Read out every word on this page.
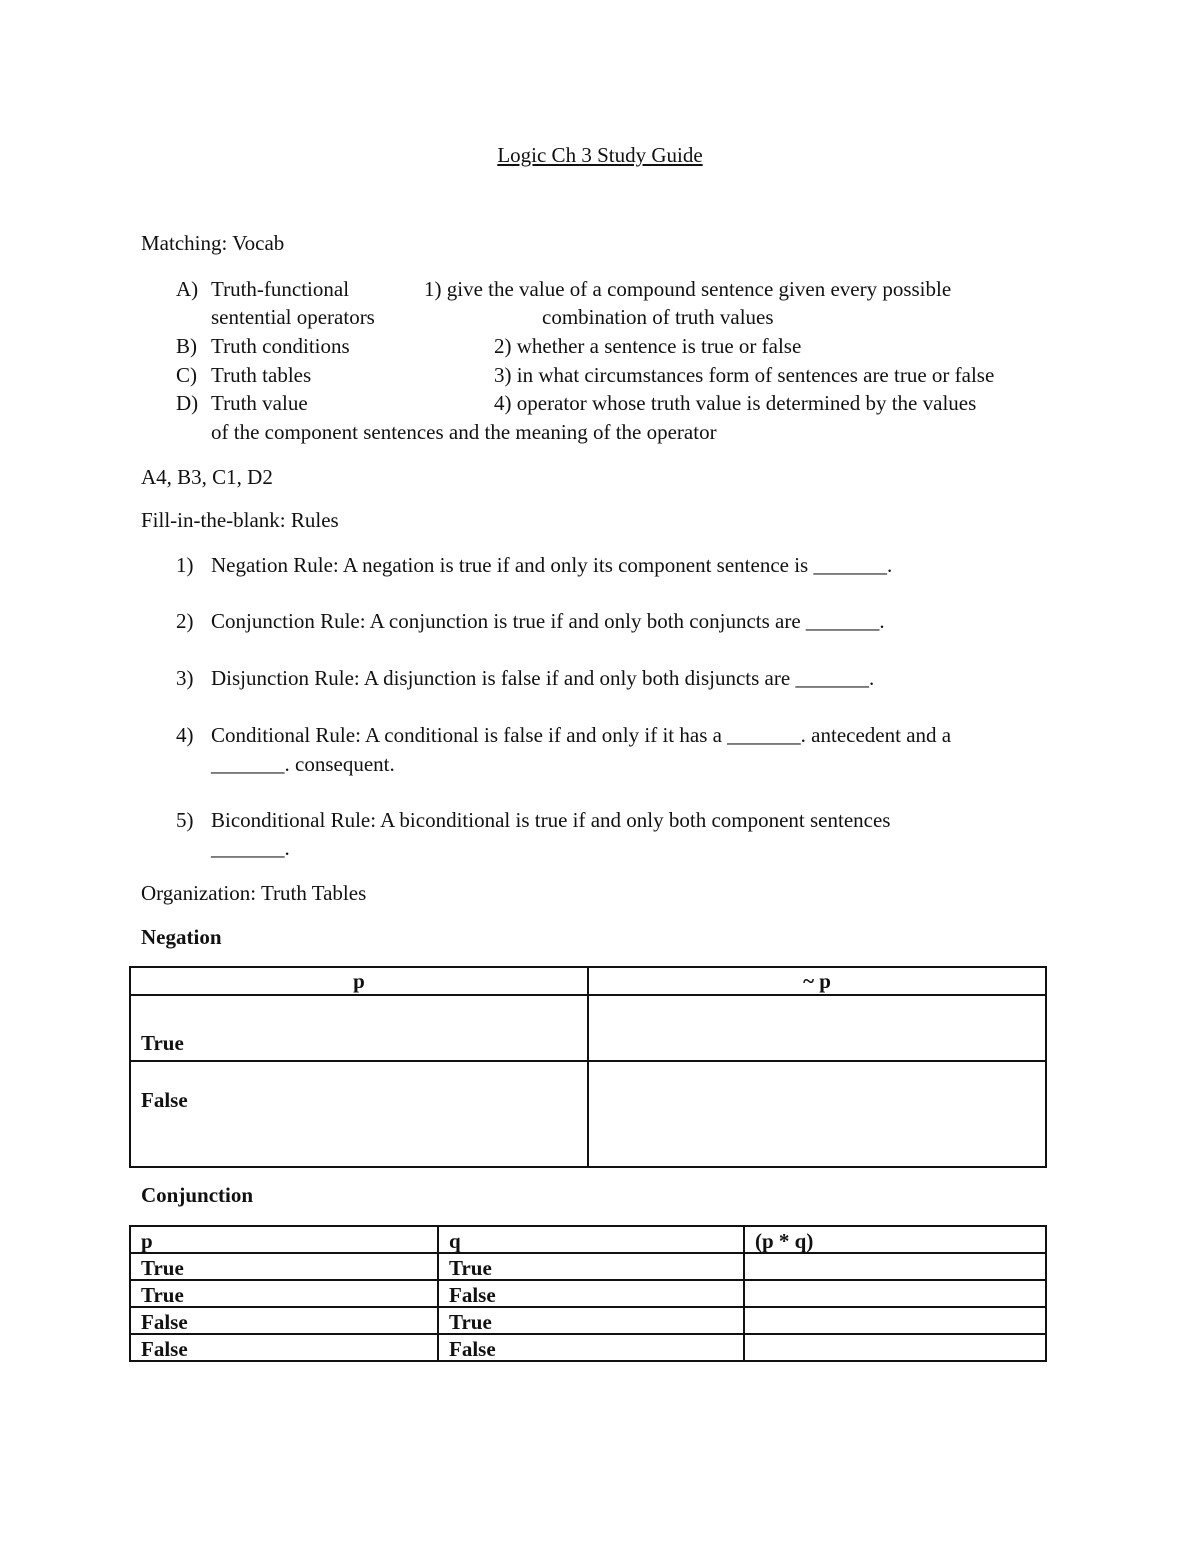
Logic Ch 3 Study Guide
Matching: Vocab
A) Truth-functional
sentential operators
1) give the value of a compound sentence given every possible
combination of truth values
B) Truth conditions	2) whether a sentence is true or false
C) Truth tables	3) in what circumstances form of sentences are true or false
D) Truth value	4) operator whose truth value is determined by the values
of the component sentences and the meaning of the operator
A4, B3, C1, D2
Fill-in-the-blank: Rules
1) Negation Rule: A negation is true if and only its component sentence is _______.
2) Conjunction Rule: A conjunction is true if and only both conjuncts are _______.
3) Disjunction Rule: A disjunction is false if and only both disjuncts are _______.
4) Conditional Rule: A conditional is false if and only if it has a _______. antecedent and a
_______. consequent.
5) Biconditional Rule: A biconditional is true if and only both component sentences
_______.
Organization: Truth Tables
Negation
p	~ p
True	
False	
Conjunction
p	q	(p * q)
True	True	
True	False	
False	True	
False	False	
